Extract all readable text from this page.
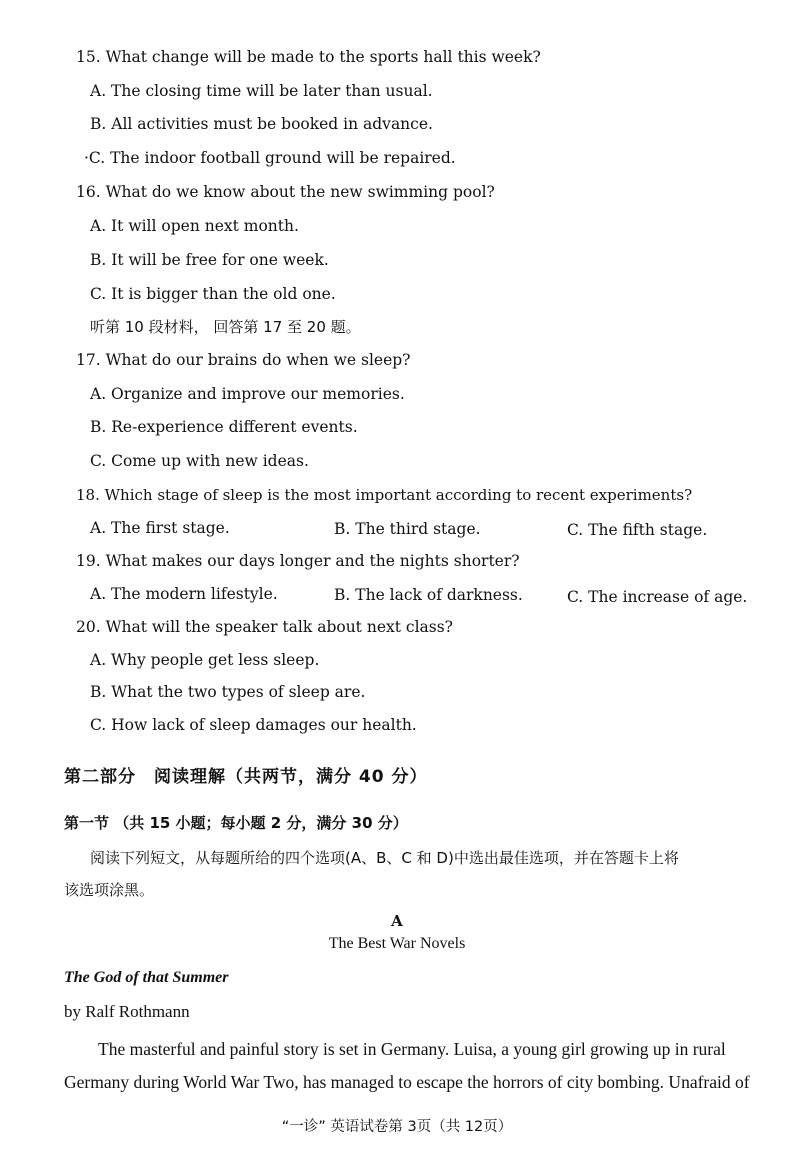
15. What change will be made to the sports hall this week?
A. The closing time will be later than usual.
B. All activities must be booked in advance.
·C. The indoor football ground will be repaired.
16. What do we know about the new swimming pool?
A. It will open next month.
B. It will be free for one week.
C. It is bigger than the old one.
听第 10 段材料， 回答第 17 至 20 题。
17. What do our brains do when we sleep?
A. Organize and improve our memories.
B. Re-experience different events.
C. Come up with new ideas.
18. Which stage of sleep is the most important according to recent experiments?
A. The first stage.	B. The third stage.	C. The fifth stage.
19. What makes our days longer and the nights shorter?
A. The modern lifestyle.	B. The lack of darkness.	C. The increase of age.
20. What will the speaker talk about next class?
A. Why people get less sleep.
B. What the two types of sleep are.
C. How lack of sleep damages our health.
第二部分　阅读理解（共两节，满分 40 分）
第一节 （共 15 小题；每小题 2 分，满分 30 分）
阅读下列短文，从每题所给的四个选项(A、B、C 和 D)中选出最佳选项，并在答题卡上将
该选项涂黑。
A
The Best War Novels
The God of that Summer
by Ralf Rothmann
The masterful and painful story is set in Germany. Luisa, a young girl growing up in rural
Germany during World War Two, has managed to escape the horrors of city bombing. Unafraid of
“一诊” 英语试卷第 3页（共 12页）
